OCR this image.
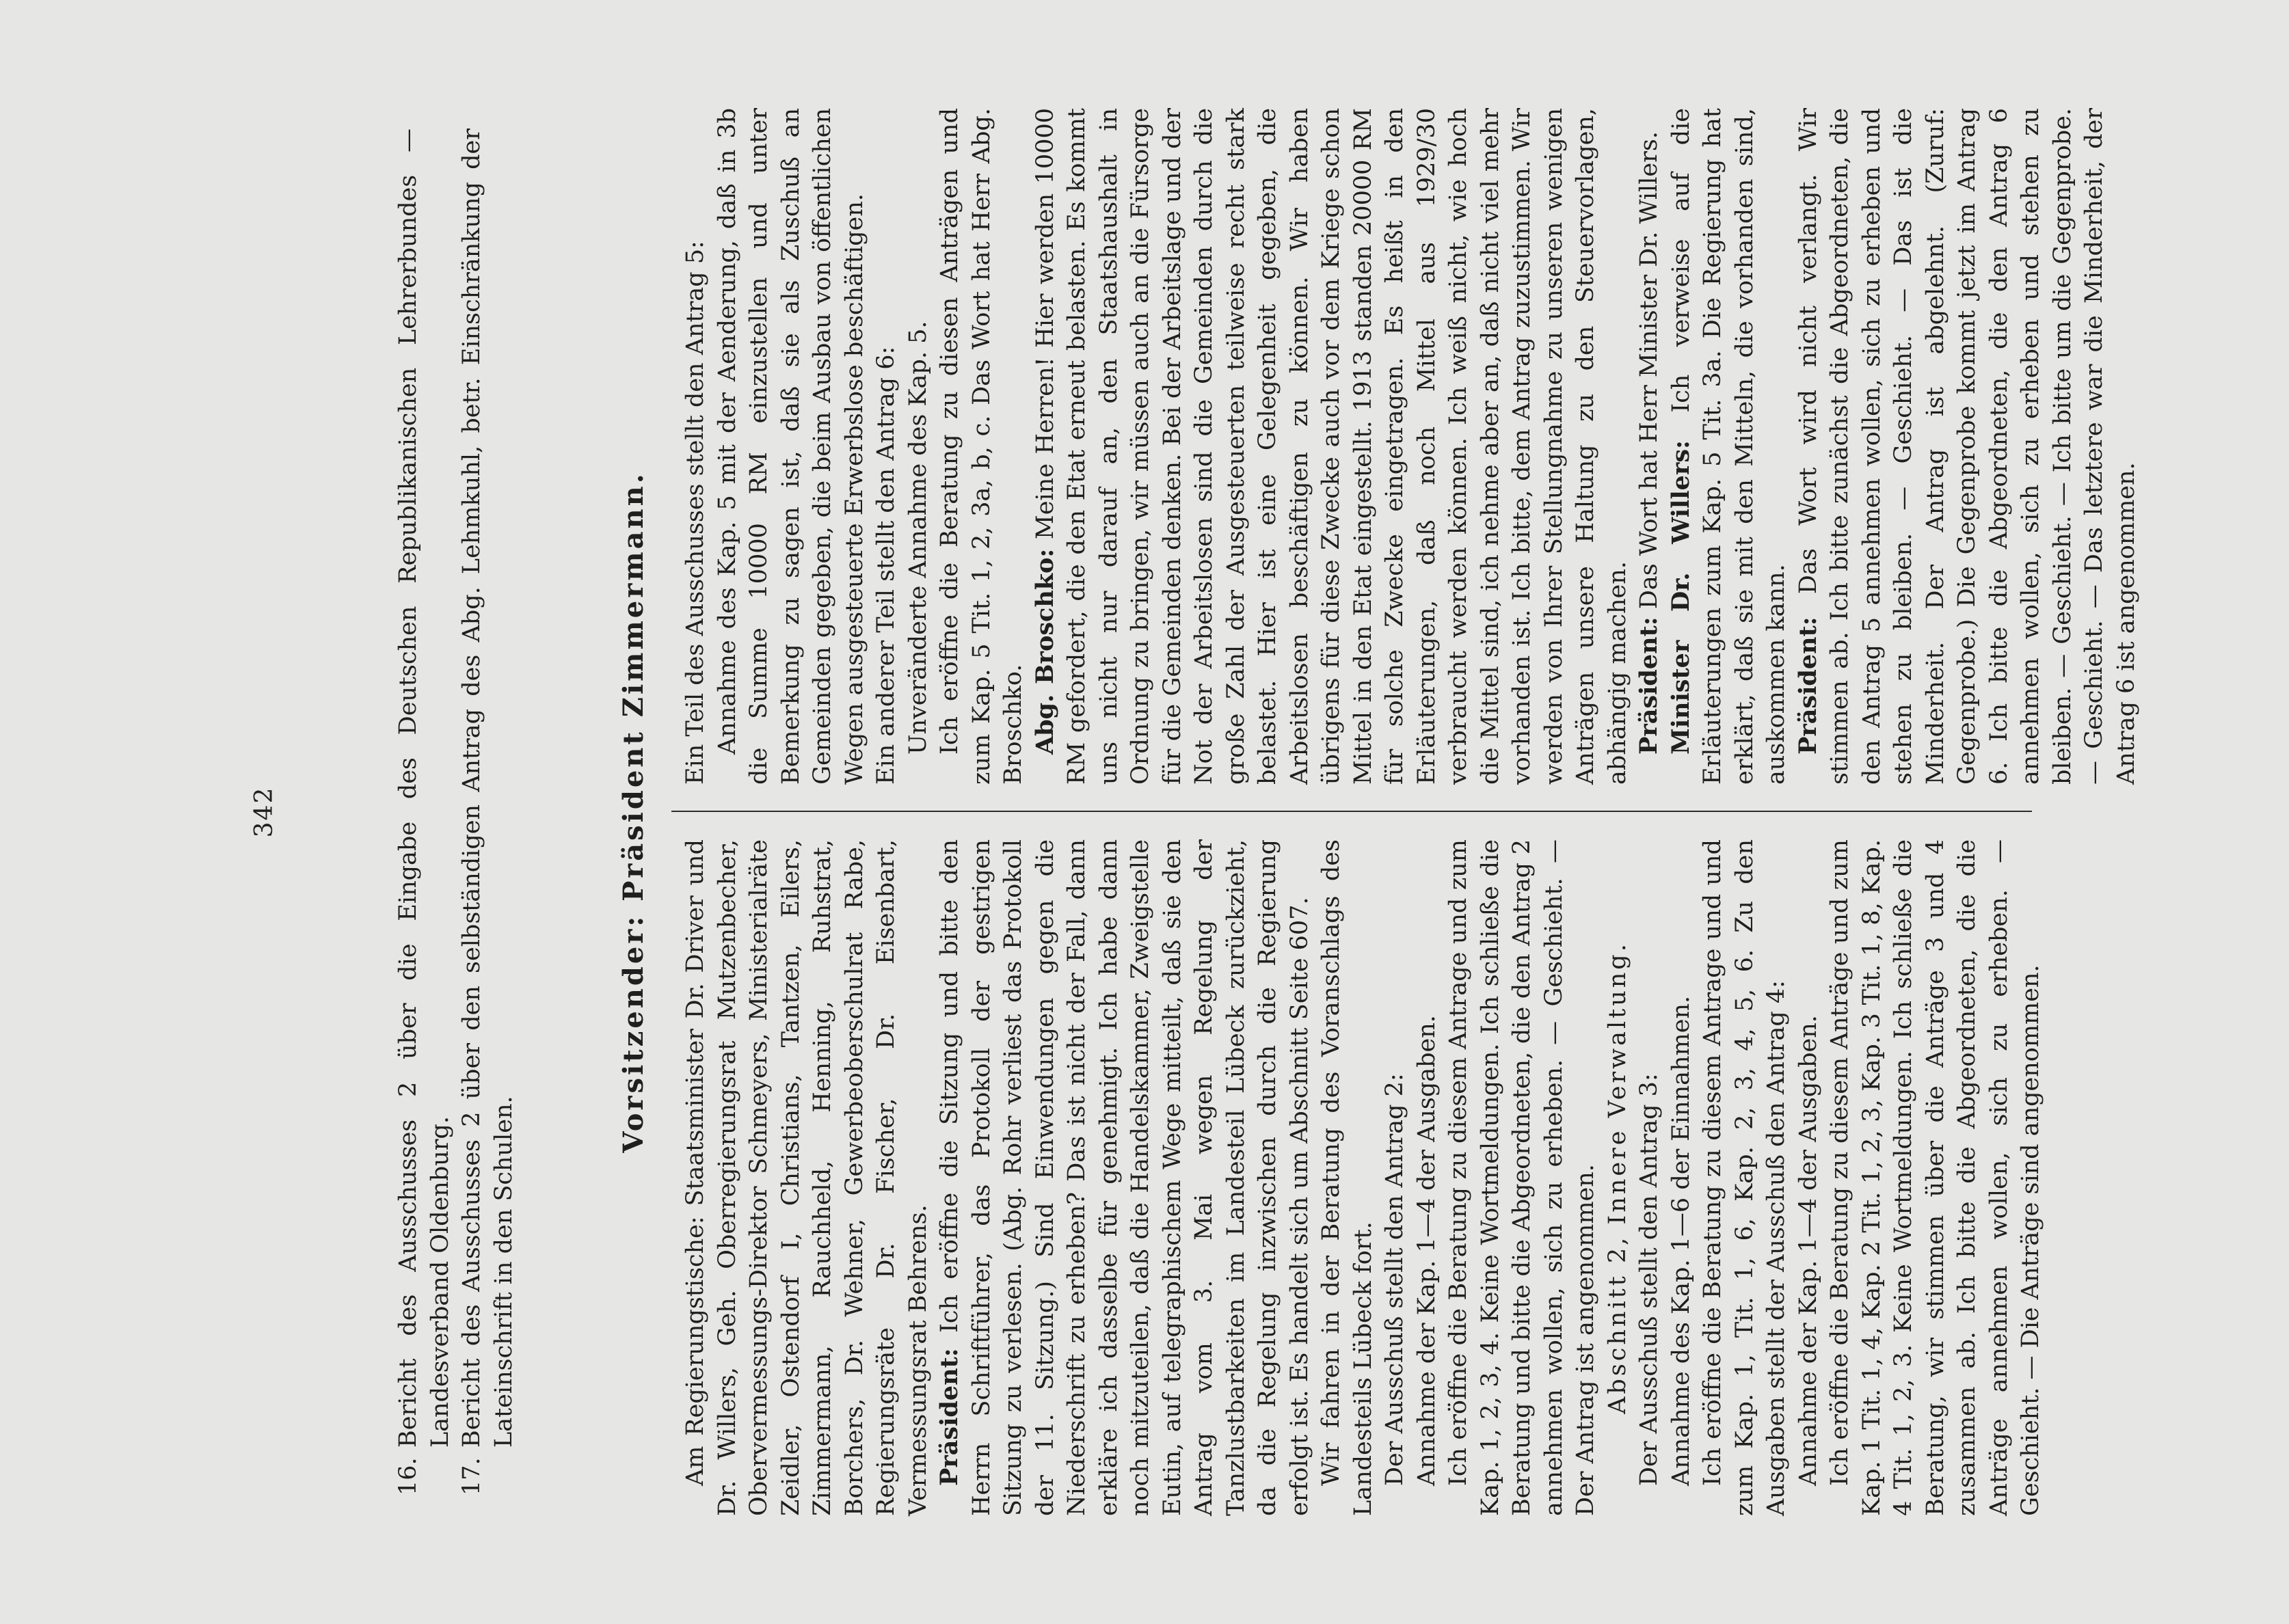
342
16.
Bericht des Ausschusses 2 über die Eingabe des Deutschen Republikanischen Lehrerbundes — Landesverband Oldenburg.
17.
Bericht des Ausschusses 2 über den selbständigen Antrag des Abg. Lehmkuhl, betr. Einschränkung der Lateinschrift in den Schulen.
Vorsitzender: Präsident Zimmermann.

Am Regierungstische: Staatsminister Dr. Driver und Dr. Willers, Geh. Oberregierungsrat Mutzenbecher, Obervermessungs-Direktor Schmeyers, Ministerialräte Zeidler, Ostendorf I, Christians, Tantzen, Eilers, Zimmermann, Rauchheld, Henning, Ruhstrat, Borchers, Dr. Wehner, Gewerbeoberschulrat Rabe, Regierungsräte Dr. Fischer, Dr. Eisenbart, Vermessungsrat Behrens. Präsident: Ich eröffne die Sitzung und bitte den Herrn Schriftführer, das Protokoll der gestrigen Sitzung zu verlesen. (Abg. Rohr verliest das Protokoll der 11. Sitzung.) Sind Einwendungen gegen die Niederschrift zu erheben? Das ist nicht der Fall, dann erkläre ich dasselbe für genehmigt. Ich habe dann noch mitzuteilen, daß die Handelskammer, Zweigstelle Eutin, auf telegraphischem Wege mitteilt, daß sie den Antrag vom 3. Mai wegen Regelung der Tanzlustbarkeiten im Landesteil Lübeck zurückzieht, da die Regelung inzwischen durch die Regierung erfolgt ist. Es handelt sich um Abschnitt Seite 607. Wir fahren in der Beratung des Voranschlags des Landesteils Lübeck fort. Der Ausschuß stellt den Antrag 2: Annahme der Kap. 1—4 der Ausgaben. Ich eröffne die Beratung zu diesem Antrage und zum Kap. 1, 2, 3, 4. Keine Wortmeldungen. Ich schließe die Beratung und bitte die Abgeordneten, die den Antrag 2 annehmen wollen, sich zu erheben. — Geschieht. — Der Antrag ist angenommen. Abschnitt 2, Innere Verwaltung. Der Ausschuß stellt den Antrag 3: Annahme des Kap. 1—6 der Einnahmen. Ich eröffne die Beratung zu diesem Antrage und und zum Kap. 1, Tit. 1, 6, Kap. 2, 3, 4, 5, 6. Zu den Ausgaben stellt der Ausschuß den Antrag 4: Annahme der Kap. 1—4 der Ausgaben. Ich eröffne die Beratung zu diesem Anträge und zum Kap. 1 Tit. 1, 4, Kap. 2 Tit. 1, 2, 3, Kap. 3 Tit. 1, 8, Kap. 4 Tit. 1, 2, 3. Keine Wortmeldungen. Ich schließe die Beratung, wir stimmen über die Anträge 3 und 4 zusammen ab. Ich bitte die Abgeordneten, die die Anträge annehmen wollen, sich zu erheben. — Geschieht. — Die Anträge sind angenommen.

Ein Teil des Ausschusses stellt den Antrag 5: Annahme des Kap. 5 mit der Aenderung, daß in 3b die Summe 10000 RM einzustellen und unter Bemerkung zu sagen ist, daß sie als Zuschuß an Gemeinden gegeben, die beim Ausbau von öffentlichen Wegen ausgesteuerte Erwerbslose beschäftigen. Ein anderer Teil stellt den Antrag 6: Unveränderte Annahme des Kap. 5. Ich eröffne die Beratung zu diesen Anträgen und zum Kap. 5 Tit. 1, 2, 3a, b, c. Das Wort hat Herr Abg. Broschko. Abg. Broschko: Meine Herren! Hier werden 10000 RM gefordert, die den Etat erneut belasten. Es kommt uns nicht nur darauf an, den Staatshaushalt in Ordnung zu bringen, wir müssen auch an die Fürsorge für die Gemeinden denken. Bei der Arbeitslage und der Not der Arbeitslosen sind die Gemeinden durch die große Zahl der Ausgesteuerten teilweise recht stark belastet. Hier ist eine Gelegenheit gegeben, die Arbeitslosen beschäftigen zu können. Wir haben übrigens für diese Zwecke auch vor dem Kriege schon Mittel in den Etat eingestellt. 1913 standen 20000 RM für solche Zwecke eingetragen. Es heißt in den Erläuterungen, daß noch Mittel aus 1929/30 verbraucht werden können. Ich weiß nicht, wie hoch die Mittel sind, ich nehme aber an, daß nicht viel mehr vorhanden ist. Ich bitte, dem Antrag zuzustimmen. Wir werden von Ihrer Stellungnahme zu unseren wenigen Anträgen unsere Haltung zu den Steuervorlagen, abhängig machen. Präsident: Das Wort hat Herr Minister Dr. Willers. Minister Dr. Willers: Ich verweise auf die Erläuterungen zum Kap. 5 Tit. 3a. Die Regierung hat erklärt, daß sie mit den Mitteln, die vorhanden sind, auskommen kann. Präsident: Das Wort wird nicht verlangt. Wir stimmen ab. Ich bitte zunächst die Abgeordneten, die den Antrag 5 annehmen wollen, sich zu erheben und stehen zu bleiben. — Geschieht. — Das ist die Minderheit. Der Antrag ist abgelehnt. (Zuruf: Gegenprobe.) Die Gegenprobe kommt jetzt im Antrag 6. Ich bitte die Abgeordneten, die den Antrag 6 annehmen wollen, sich zu erheben und stehen zu bleiben. — Geschieht. — Ich bitte um die Gegenprobe. — Geschieht. — Das letztere war die Minderheit, der Antrag 6 ist angenommen.
